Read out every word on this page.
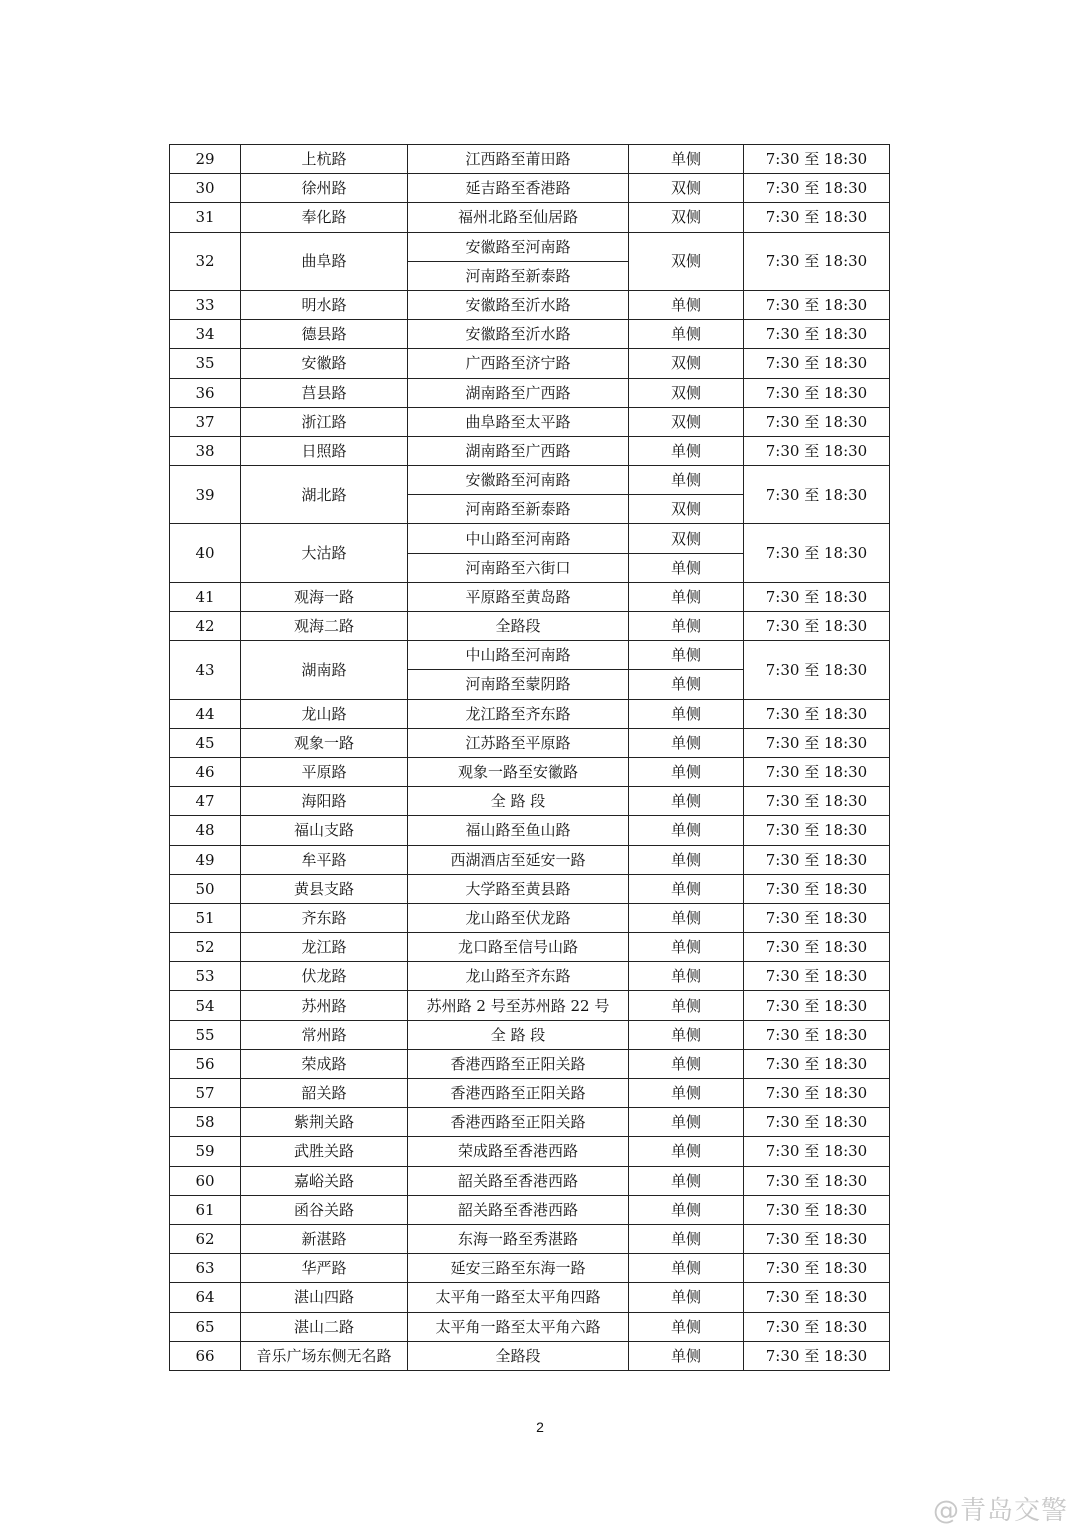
29	上杭路	江西路至莆田路	单侧	7:30 至 18:30
30	徐州路	延吉路至香港路	双侧	7:30 至 18:30
31	奉化路	福州北路至仙居路	双侧	7:30 至 18:30
32	曲阜路	安徽路至河南路	双侧	7:30 至 18:30
		河南路至新泰路		
33	明水路	安徽路至沂水路	单侧	7:30 至 18:30
34	德县路	安徽路至沂水路	单侧	7:30 至 18:30
35	安徽路	广西路至济宁路	双侧	7:30 至 18:30
36	莒县路	湖南路至广西路	双侧	7:30 至 18:30
37	浙江路	曲阜路至太平路	双侧	7:30 至 18:30
38	日照路	湖南路至广西路	单侧	7:30 至 18:30
39	湖北路	安徽路至河南路	单侧	7:30 至 18:30
		河南路至新泰路	双侧	
40	大沽路	中山路至河南路	双侧	7:30 至 18:30
		河南路至六街口	单侧	
41	观海一路	平原路至黄岛路	单侧	7:30 至 18:30
42	观海二路	全路段	单侧	7:30 至 18:30
43	湖南路	中山路至河南路	单侧	7:30 至 18:30
		河南路至蒙阴路	单侧	
44	龙山路	龙江路至齐东路	单侧	7:30 至 18:30
45	观象一路	江苏路至平原路	单侧	7:30 至 18:30
46	平原路	观象一路至安徽路	单侧	7:30 至 18:30
47	海阳路	全 路 段	单侧	7:30 至 18:30
48	福山支路	福山路至鱼山路	单侧	7:30 至 18:30
49	牟平路	西湖酒店至延安一路	单侧	7:30 至 18:30
50	黄县支路	大学路至黄县路	单侧	7:30 至 18:30
51	齐东路	龙山路至伏龙路	单侧	7:30 至 18:30
52	龙江路	龙口路至信号山路	单侧	7:30 至 18:30
53	伏龙路	龙山路至齐东路	单侧	7:30 至 18:30
54	苏州路	苏州路 2 号至苏州路 22 号	单侧	7:30 至 18:30
55	常州路	全 路 段	单侧	7:30 至 18:30
56	荣成路	香港西路至正阳关路	单侧	7:30 至 18:30
57	韶关路	香港西路至正阳关路	单侧	7:30 至 18:30
58	紫荆关路	香港西路至正阳关路	单侧	7:30 至 18:30
59	武胜关路	荣成路至香港西路	单侧	7:30 至 18:30
60	嘉峪关路	韶关路至香港西路	单侧	7:30 至 18:30
61	函谷关路	韶关路至香港西路	单侧	7:30 至 18:30
62	新湛路	东海一路至秀湛路	单侧	7:30 至 18:30
63	华严路	延安三路至东海一路	单侧	7:30 至 18:30
64	湛山四路	太平角一路至太平角四路	单侧	7:30 至 18:30
65	湛山二路	太平角一路至太平角六路	单侧	7:30 至 18:30
66	音乐广场东侧无名路	全路段	单侧	7:30 至 18:30
2
@青岛交警
